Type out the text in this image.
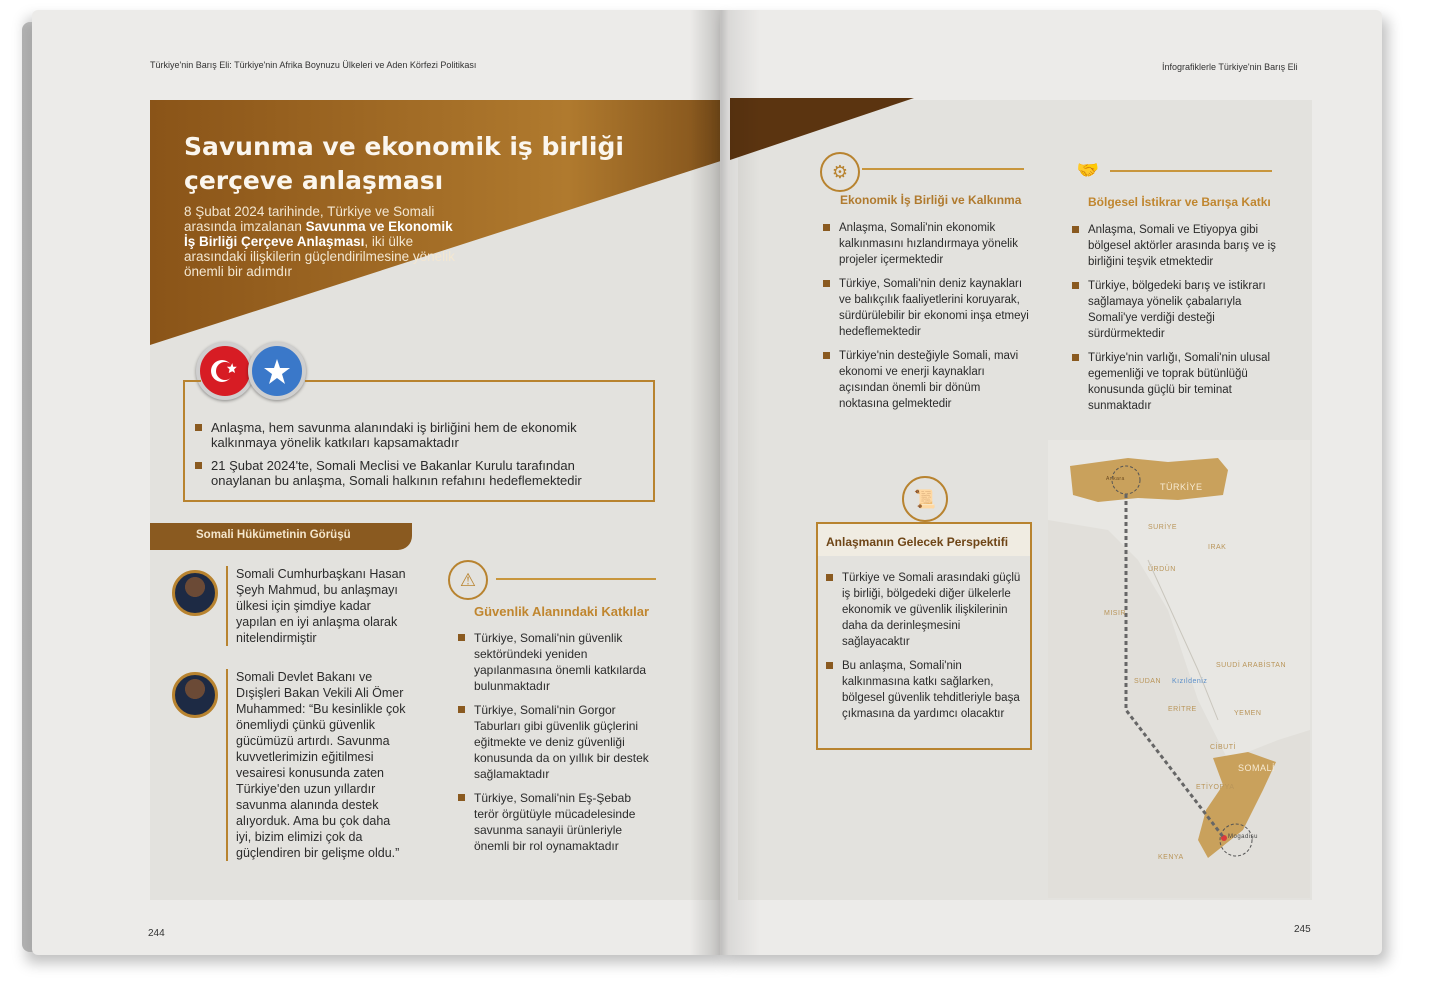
Türkiye'nin Barış Eli: Türkiye'nin Afrika Boynuzu Ülkeleri ve Aden Körfezi Politikası
Savunma ve ekonomik iş birliği
çerçeve anlaşması
8 Şubat 2024 tarihinde, Türkiye ve Somali arasında imzalanan Savunma ve Ekonomik İş Birliği Çerçeve Anlaşması, iki ülke arasındaki ilişkilerin güçlendirilmesine yönelik önemli bir adımdır
Anlaşma, hem savunma alanındaki iş birliğini hem de ekonomik kalkınmaya yönelik katkıları kapsamaktadır
21 Şubat 2024'te, Somali Meclisi ve Bakanlar Kurulu tarafından onaylanan bu anlaşma, Somali halkının refahını hedeflemektedir
Somali Hükümetinin Görüşü
Somali Cumhurbaşkanı Hasan Şeyh Mahmud, bu anlaşmayı ülkesi için şimdiye kadar yapılan en iyi anlaşma olarak nitelendirmiştir
Somali Devlet Bakanı ve Dışişleri Bakan Vekili Ali Ömer Muhammed: “Bu kesinlikle çok önemliydi çünkü güvenlik gücümüzü artırdı. Savunma kuvvetlerimizin eğitilmesi vesairesi konusunda zaten Türkiye'den uzun yıllardır savunma alanında destek alıyorduk. Ama bu çok daha iyi, bizim elimizi çok da güçlendiren bir gelişme oldu.”
⚠
Güvenlik Alanındaki Katkılar
Türkiye, Somali'nin güvenlik sektöründeki yeniden yapılanmasına önemli katkılarda bulunmaktadır
Türkiye, Somali'nin Gorgor Taburları gibi güvenlik güçlerini eğitmekte ve deniz güvenliği konusunda da on yıllık bir destek sağlamaktadır
Türkiye, Somali'nin Eş-Şebab terör örgütüyle mücadelesinde savunma sanayii ürünleriyle önemli bir rol oynamaktadır
244
İnfografiklerle Türkiye'nin Barış Eli
⚙
Ekonomik İş Birliği ve Kalkınma
Anlaşma, Somali'nin ekonomik kalkınmasını hızlandırmaya yönelik projeler içermektedir
Türkiye, Somali'nin deniz kaynakları ve balıkçılık faaliyetlerini koruyarak, sürdürülebilir bir ekonomi inşa etmeyi hedeflemektedir
Türkiye'nin desteğiyle Somali, mavi ekonomi ve enerji kaynakları açısından önemli bir dönüm noktasına gelmektedir
🤝
Bölgesel İstikrar ve Barışa Katkı
Anlaşma, Somali ve Etiyopya gibi bölgesel aktörler arasında barış ve iş birliğini teşvik etmektedir
Türkiye, bölgedeki barış ve istikrarı sağlamaya yönelik çabalarıyla Somali'ye verdiği desteği sürdürmektedir
Türkiye'nin varlığı, Somali'nin ulusal egemenliği ve toprak bütünlüğü konusunda güçlü bir teminat sunmaktadır
TÜRKİYE
Ankara
SOMALİ
Mogadişu
SURİYE
IRAK
ÜRDÜN
MISIR
SUUDİ ARABİSTAN
SUDAN
ERİTRE
YEMEN
CİBUTİ
ETİYOPYA
KENYA
Kızıldeniz
📜
Anlaşmanın Gelecek Perspektifi
Türkiye ve Somali arasındaki güçlü iş birliği, bölgedeki diğer ülkelerle ekonomik ve güvenlik ilişkilerinin daha da derinleşmesini sağlayacaktır
Bu anlaşma, Somali'nin kalkınmasına katkı sağlarken, bölgesel güvenlik tehditleriyle başa çıkmasına da yardımcı olacaktır
245
